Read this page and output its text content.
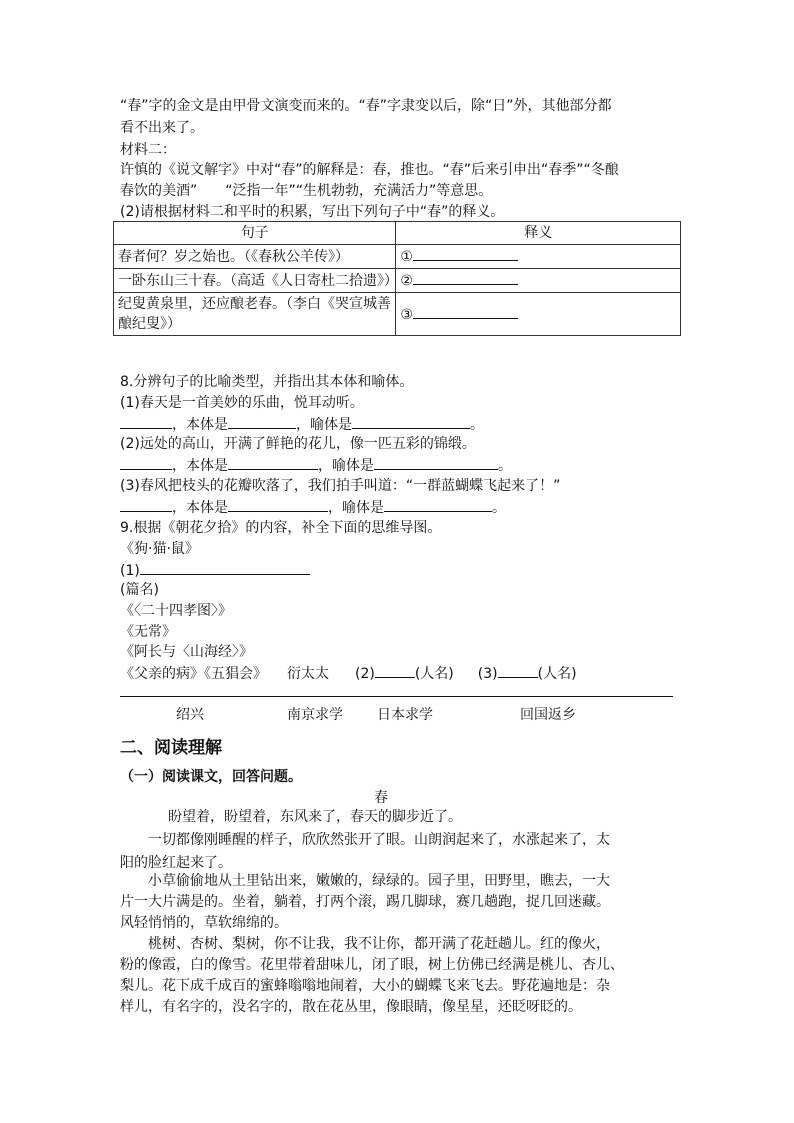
“春”字的金文是由甲骨文演变而来的。“春”字隶变以后，除“日”外，其他部分都
看不出来了。
材料二：
许慎的《说文解字》中对“春”的解释是：春，推也。“春”后来引申出“春季”“冬酿
春饮的美酒”　　“泛指一年”“生机勃勃，充满活力”等意思。
(2)请根据材料二和平时的积累，写出下列句子中“春”的释义。
句子	释义
春者何？岁之始也。（《春秋公羊传》）	①
一卧东山三十春。（高适《人日寄杜二拾遗》）	②
纪叟黄泉里，还应酿老春。（李白《哭宣城善酿纪叟》）	③
8.分辨句子的比喻类型，并指出其本体和喻体。
(1)春天是一首美妙的乐曲，悦耳动听。
，本体是	，喻体是	。
(2)远处的高山，开满了鲜艳的花儿，像一匹五彩的锦缎。
，本体是	，喻体是	。
(3)春风把枝头的花瓣吹落了，我们拍手叫道：“一群蓝蝴蝶飞起来了！”
，本体是	，喻体是	。
9.根据《朝花夕拾》的内容，补全下面的思维导图。
《狗·猫·鼠》
(1)
(篇名)
《〈二十四孝图〉》
《无常》
《阿长与〈山海经〉》
《父亲的病》《五猖会》 衍太太 (2)	(人名) (3)	(人名)
绍兴	南京求学	日本求学	回国返乡
二、阅读理解
（一）阅读课文，回答问题。
春
盼望着，盼望着，东风来了，春天的脚步近了。
一切都像刚睡醒的样子，欣欣然张开了眼。山朗润起来了，水涨起来了，太
阳的脸红起来了。
小草偷偷地从土里钻出来，嫩嫩的，绿绿的。园子里，田野里，瞧去，一大
片一大片满是的。坐着，躺着，打两个滚，踢几脚球，赛几趟跑，捉几回迷藏。
风轻悄悄的，草软绵绵的。
桃树、杏树、梨树，你不让我，我不让你，都开满了花赶趟儿。红的像火，
粉的像霞，白的像雪。花里带着甜味儿，闭了眼，树上仿佛已经满是桃儿、杏儿、
梨儿。花下成千成百的蜜蜂嗡嗡地闹着，大小的蝴蝶飞来飞去。野花遍地是：杂
样儿，有名字的，没名字的，散在花丛里，像眼睛，像星星，还眨呀眨的。
